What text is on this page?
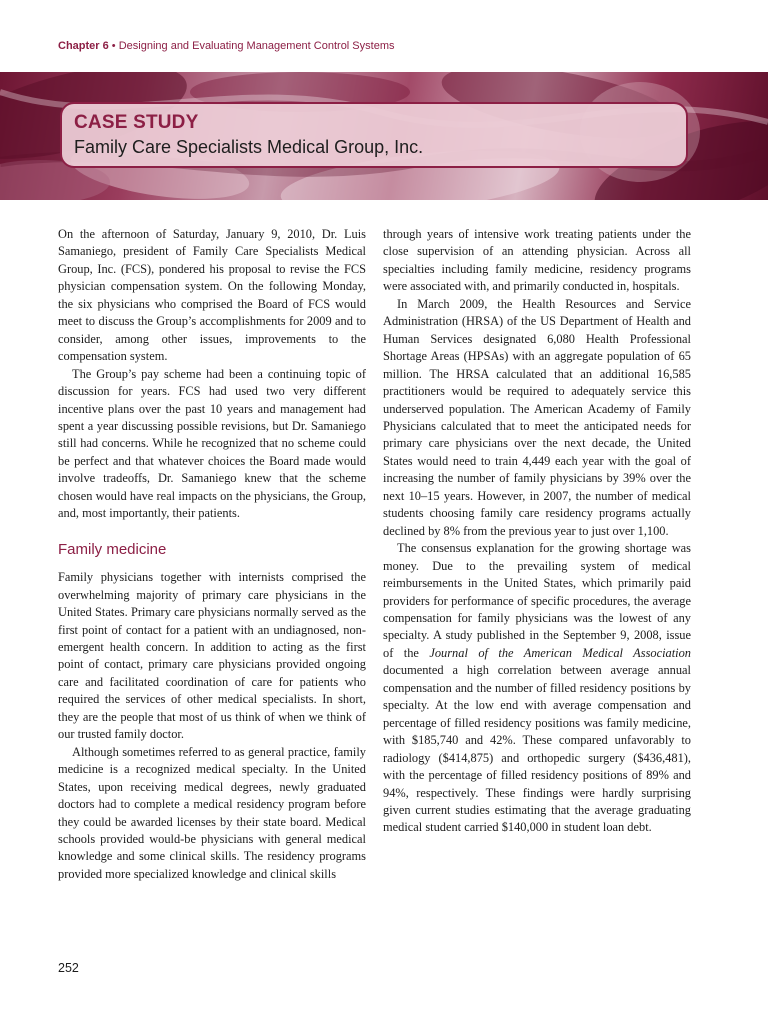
Chapter 6 • Designing and Evaluating Management Control Systems
CASE STUDY
Family Care Specialists Medical Group, Inc.

On the afternoon of Saturday, January 9, 2010, Dr. Luis Samaniego, president of Family Care Specialists Medical Group, Inc. (FCS), pondered his proposal to revise the FCS physician compensation system. On the following Monday, the six physicians who comprised the Board of FCS would meet to discuss the Group’s accomplishments for 2009 and to consider, among other issues, improvements to the compensation system.

The Group’s pay scheme had been a continuing topic of discussion for years. FCS had used two very different incentive plans over the past 10 years and management had spent a year discussing possible revisions, but Dr. Samaniego still had concerns. While he recognized that no scheme could be perfect and that whatever choices the Board made would involve tradeoffs, Dr. Samaniego knew that the scheme chosen would have real impacts on the physicians, the Group, and, most importantly, their patients.

Family medicine

Family physicians together with internists comprised the overwhelming majority of primary care physicians in the United States. Primary care physicians normally served as the first point of contact for a patient with an undiagnosed, non-emergent health concern. In addition to acting as the first point of contact, primary care physicians provided ongoing care and facilitated coordination of care for patients who required the services of other medical specialists. In short, they are the people that most of us think of when we think of our trusted family doctor.

Although sometimes referred to as general practice, family medicine is a recognized medical specialty. In the United States, upon receiving medical degrees, newly graduated doctors had to complete a medical residency program before they could be awarded licenses by their state board. Medical schools provided would-be physicians with general medical knowledge and some clinical skills. The residency programs provided more specialized knowledge and clinical skills

through years of intensive work treating patients under the close supervision of an attending physician. Across all specialties including family medicine, residency programs were associated with, and primarily conducted in, hospitals.

In March 2009, the Health Resources and Service Administration (HRSA) of the US Department of Health and Human Services designated 6,080 Health Professional Shortage Areas (HPSAs) with an aggregate population of 65 million. The HRSA calculated that an additional 16,585 practitioners would be required to adequately service this underserved population. The American Academy of Family Physicians calculated that to meet the anticipated needs for primary care physicians over the next decade, the United States would need to train 4,449 each year with the goal of increasing the number of family physicians by 39% over the next 10–15 years. However, in 2007, the number of medical students choosing family care residency programs actually declined by 8% from the previous year to just over 1,100.

The consensus explanation for the growing shortage was money. Due to the prevailing system of medical reimbursements in the United States, which primarily paid providers for performance of specific procedures, the average compensation for family physicians was the lowest of any specialty. A study published in the September 9, 2008, issue of the Journal of the American Medical Association documented a high correlation between average annual compensation and the number of filled residency positions by specialty. At the low end with average compensation and percentage of filled residency positions was family medicine, with $185,740 and 42%. These compared unfavorably to radiology ($414,875) and orthopedic surgery ($436,481), with the percentage of filled residency positions of 89% and 94%, respectively. These findings were hardly surprising given current studies estimating that the average graduating medical student carried $140,000 in student loan debt.

252
